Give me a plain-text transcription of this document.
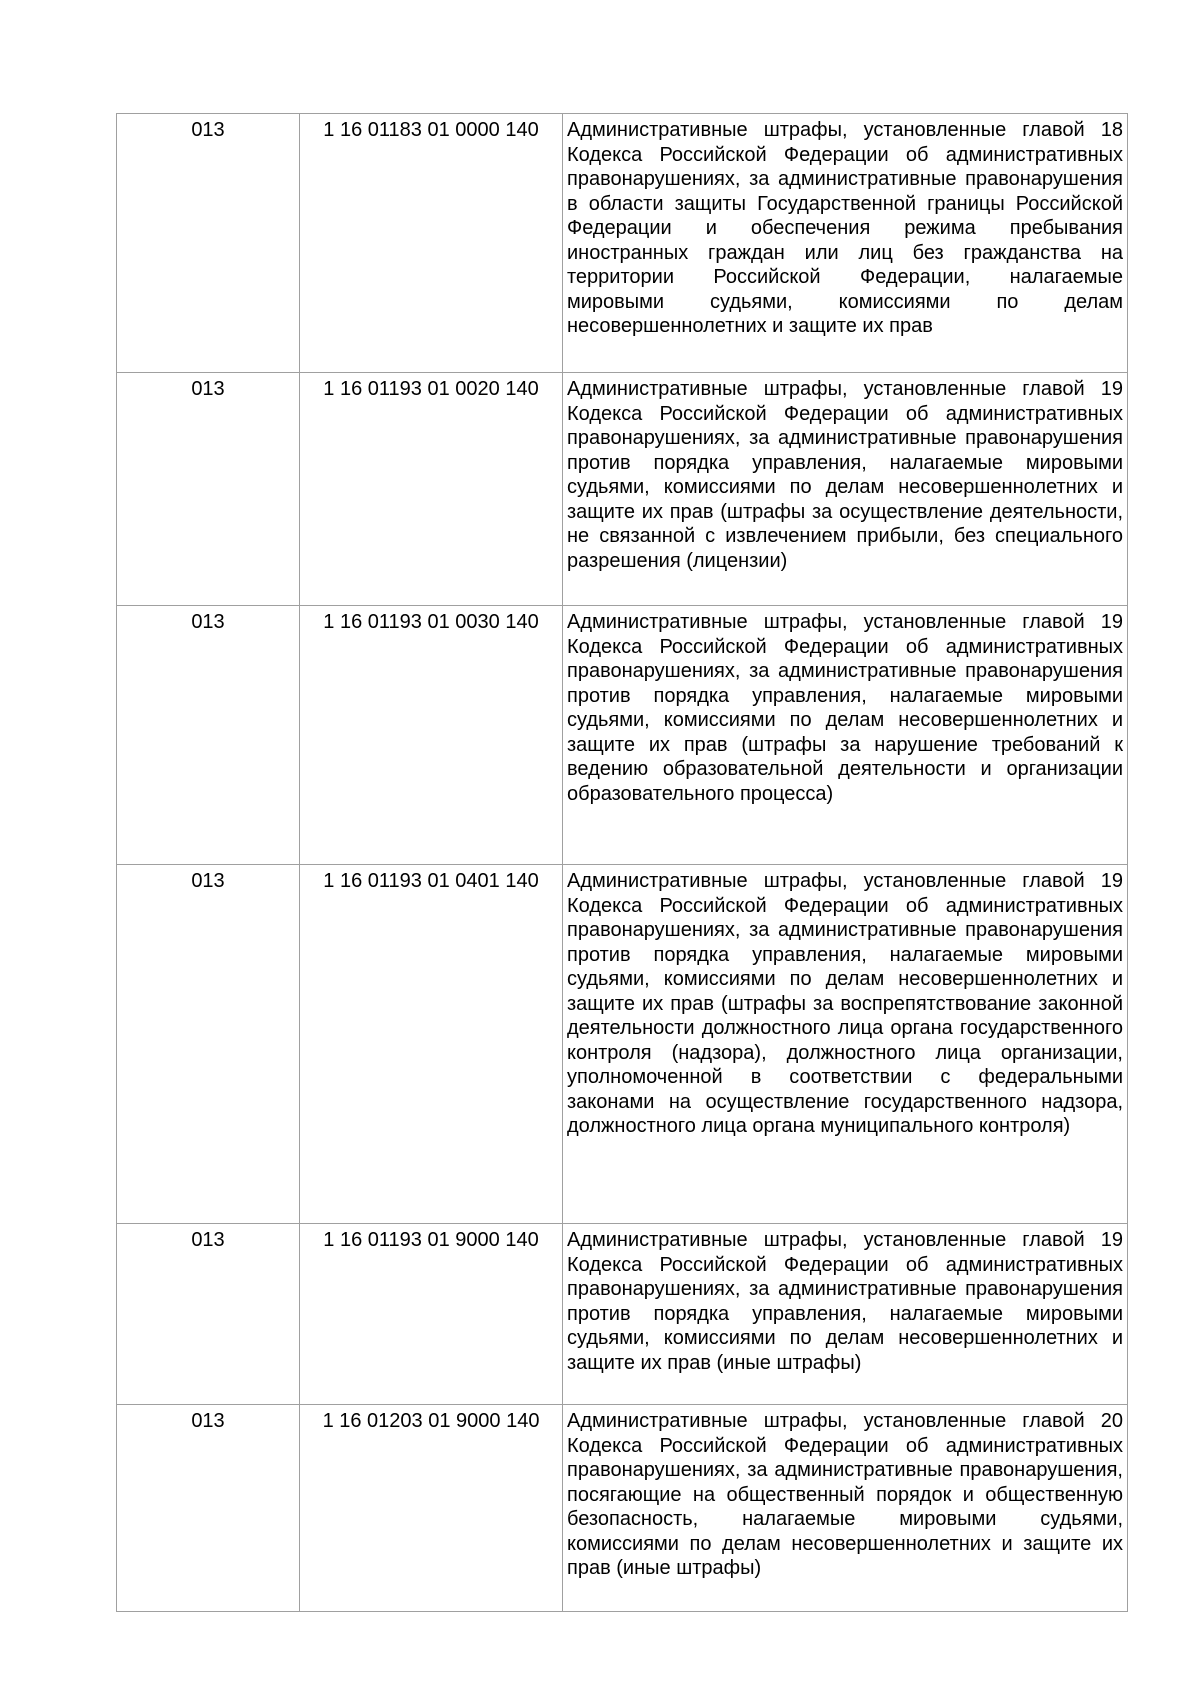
013	1 16 01183 01 0000 140	Административные штрафы, установленные главой 18 Кодекса Российской Федерации об административных правонарушениях, за административные правонарушения в области защиты Государственной границы Российской Федерации и обеспечения режима пребывания иностранных граждан или лиц без гражданства на территории Российской Федерации, налагаемые мировыми судьями, комиссиями по делам несовершеннолетних и защите их прав
013	1 16 01193 01 0020 140	Административные штрафы, установленные главой 19 Кодекса Российской Федерации об административных правонарушениях, за административные правонарушения против порядка управления, налагаемые мировыми судьями, комиссиями по делам несовершеннолетних и защите их прав (штрафы за осуществление деятельности, не связанной с извлечением прибыли, без специального разрешения (лицензии)
013	1 16 01193 01 0030 140	Административные штрафы, установленные главой 19 Кодекса Российской Федерации об административных правонарушениях, за административные правонарушения против порядка управления, налагаемые мировыми судьями, комиссиями по делам несовершеннолетних и защите их прав (штрафы за нарушение требований к ведению образовательной деятельности и организации образовательного процесса)
013	1 16 01193 01 0401 140	Административные штрафы, установленные главой 19 Кодекса Российской Федерации об административных правонарушениях, за административные правонарушения против порядка управления, налагаемые мировыми судьями, комиссиями по делам несовершеннолетних и защите их прав (штрафы за воспрепятствование законной деятельности должностного лица органа государственного контроля (надзора), должностного лица организации, уполномоченной в соответствии с федеральными законами на осуществление государственного надзора, должностного лица органа муниципального контроля)
013	1 16 01193 01 9000 140	Административные штрафы, установленные главой 19 Кодекса Российской Федерации об административных правонарушениях, за административные правонарушения против порядка управления, налагаемые мировыми судьями, комиссиями по делам несовершеннолетних и защите их прав (иные штрафы)
013	1 16 01203 01 9000 140	Административные штрафы, установленные главой 20 Кодекса Российской Федерации об административных правонарушениях, за административные правонарушения, посягающие на общественный порядок и общественную безопасность, налагаемые мировыми судьями, комиссиями по делам несовершеннолетних и защите их прав (иные штрафы)
